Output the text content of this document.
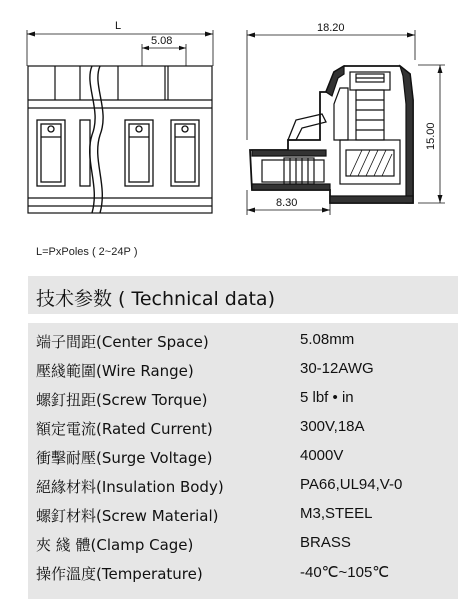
L
5.08
18.20
15.00
8.30
L=PxPoles ( 2~24P )
技术参数 ( Technical data)
端子間距(Center Space)	5.08mm
壓綫範圍(Wire Range)	30-12AWG
螺釘扭距(Screw Torque)	5 lbf • in
額定電流(Rated Current)	300V,18A
衝擊耐壓(Surge Voltage)	4000V
絕緣材料(Insulation Body)	PA66,UL94,V-0
螺釘材料(Screw Material)	M3,STEEL
夾 綫 體(Clamp Cage)	BRASS
操作溫度(Temperature)	-40℃~105℃
